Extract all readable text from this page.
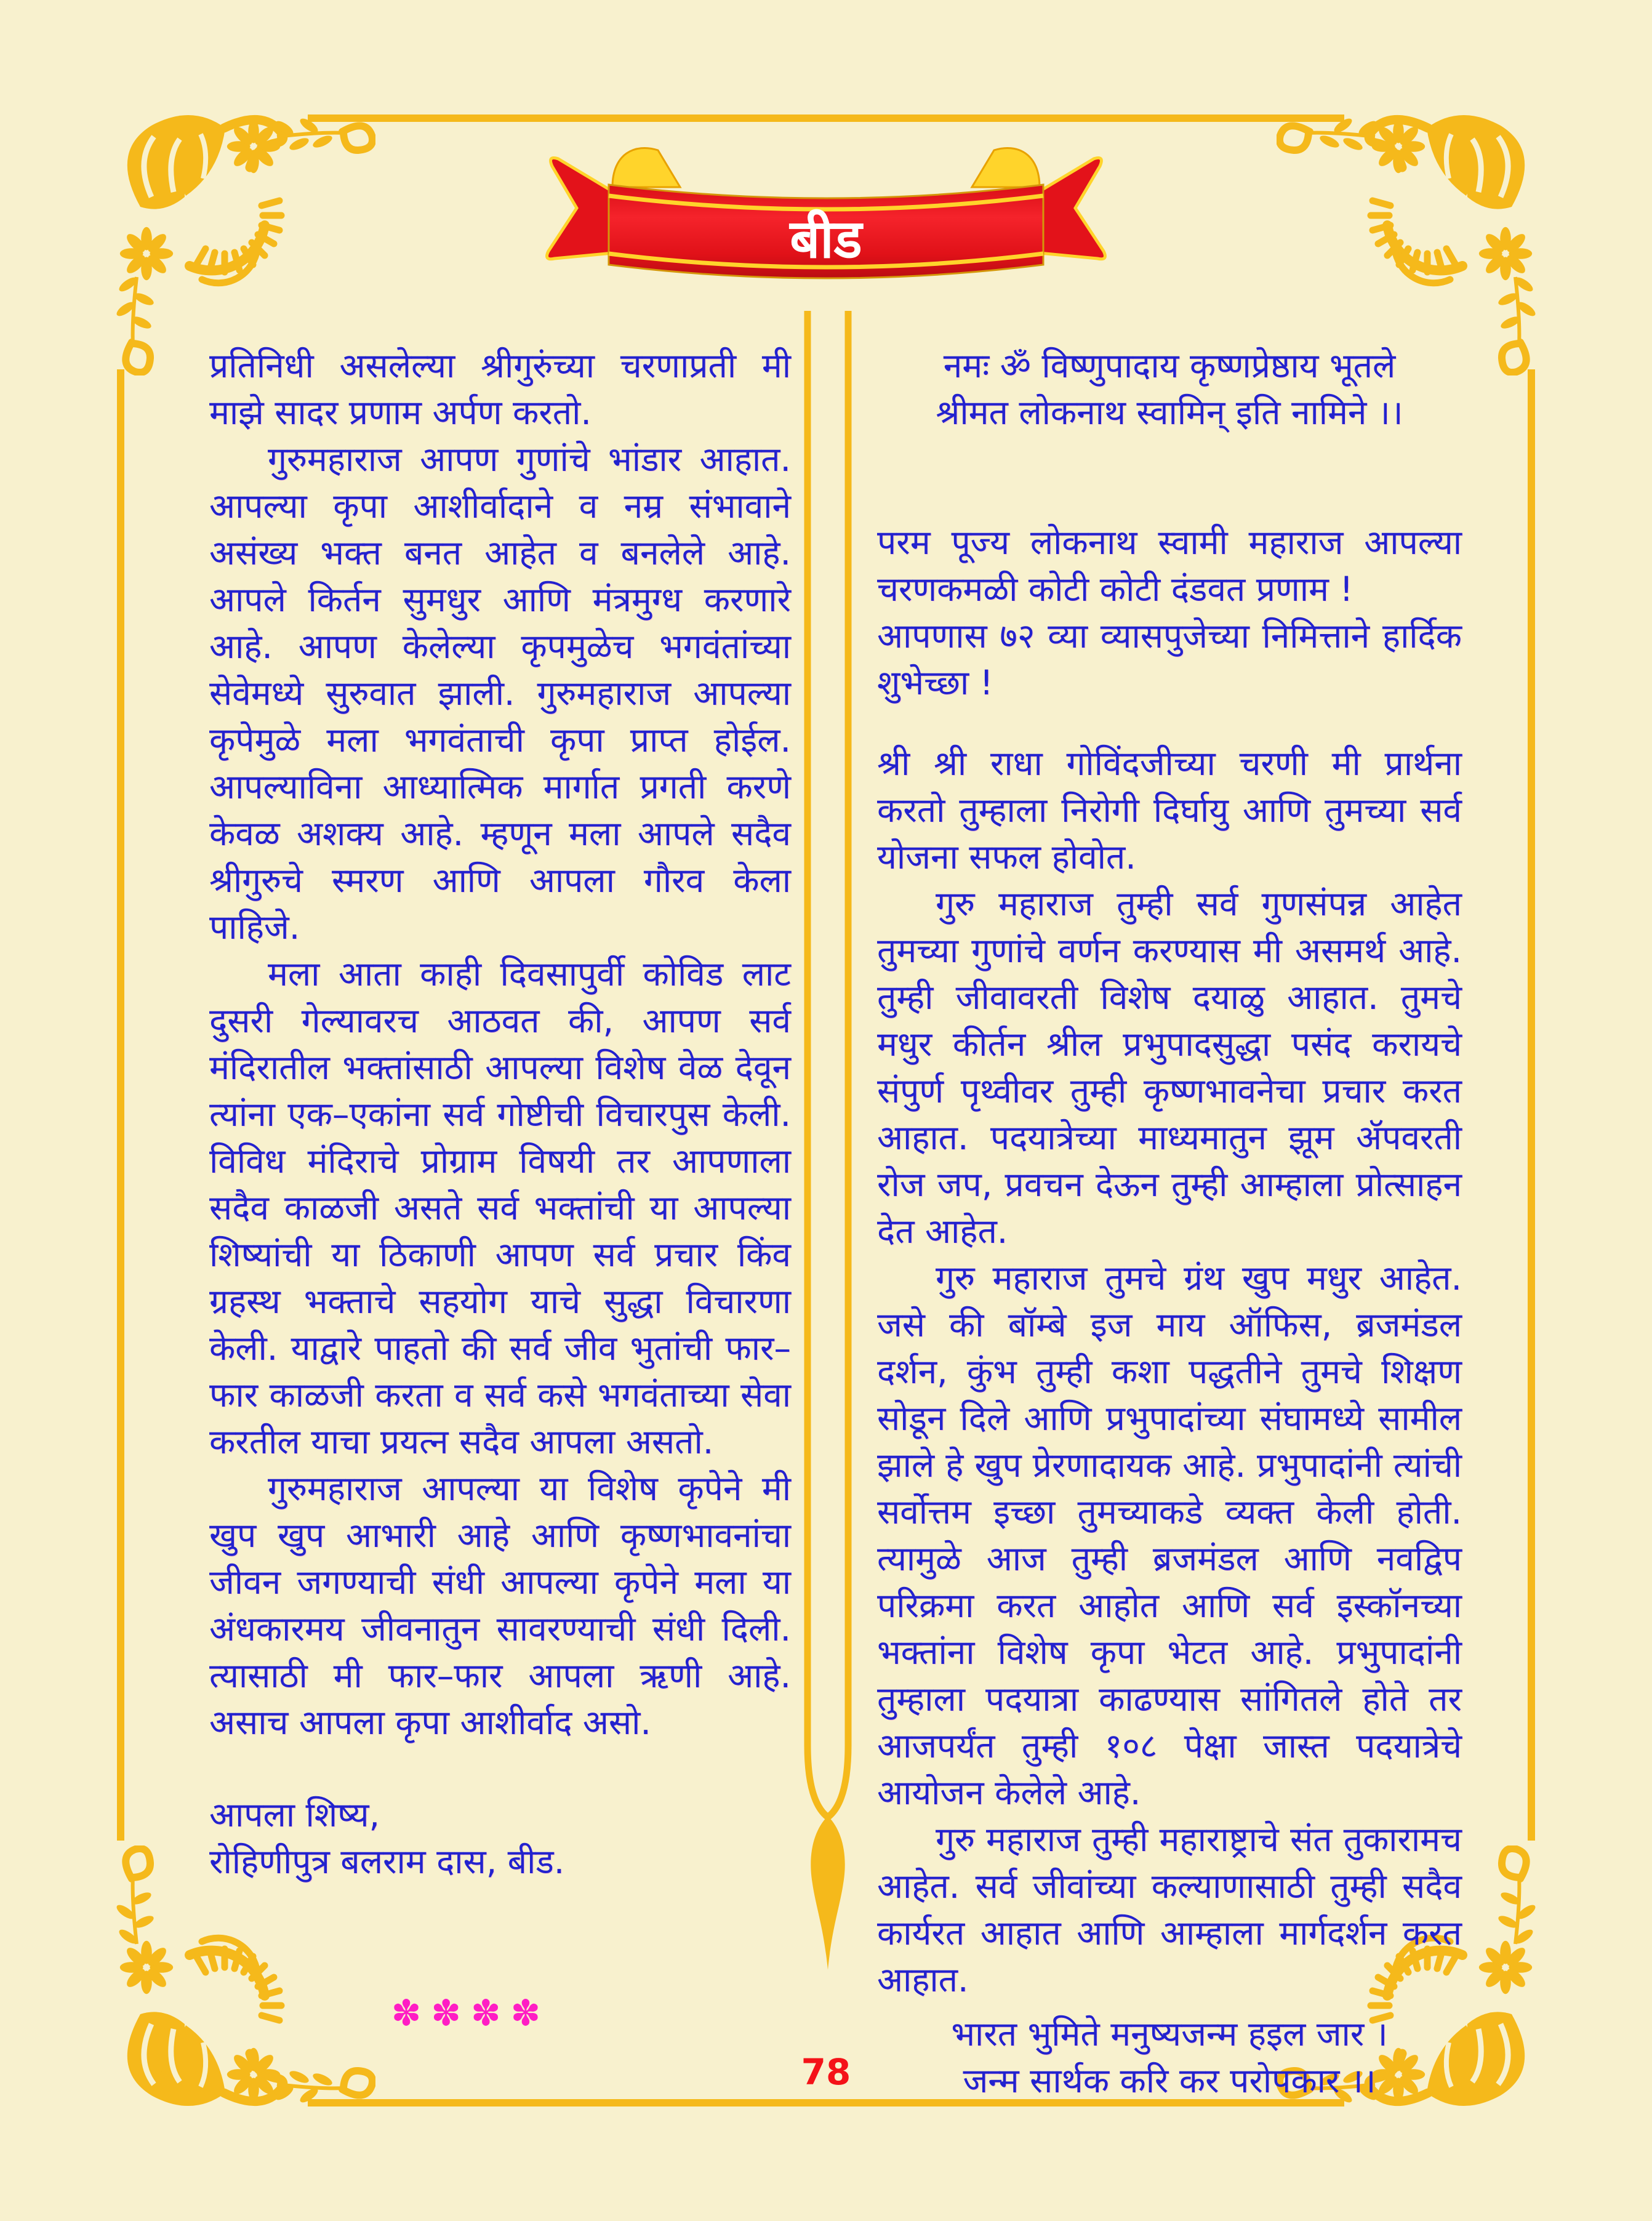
बीड

प्रतिनिधी असलेल्या श्रीगुरुंच्या चरणाप्रती मी माझे सादर प्रणाम अर्पण करतो.

गुरुमहाराज आपण गुणांचे भांडार आहात. आपल्या कृपा आशीर्वादाने व नम्र संभावाने असंख्य भक्त बनत आहेत व बनलेले आहे. आपले किर्तन सुमधुर आणि मंत्रमुग्ध करणारे आहे. आपण केलेल्या कृपमुळेच भगवंतांच्या सेवेमध्ये सुरुवात झाली. गुरुमहाराज आपल्या कृपेमुळे मला भगवंताची कृपा प्राप्त होईल. आपल्याविना आध्यात्मिक मार्गात प्रगती करणे केवळ अशक्य आहे. म्हणून मला आपले सदैव श्रीगुरुचे स्मरण आणि आपला गौरव केला पाहिजे.

मला आता काही दिवसापुर्वी कोविड लाट दुसरी गेल्यावरच आठवत की, आपण सर्व मंदिरातील भक्तांसाठी आपल्या विशेष वेळ देवून त्यांना एक–एकांना सर्व गोष्टीची विचारपुस केली. विविध मंदिराचे प्रोग्राम विषयी तर आपणाला सदैव काळजी असते सर्व भक्तांची या आपल्या शिष्यांची या ठिकाणी आपण सर्व प्रचार किंव ग्रहस्थ भक्ताचे सहयोग याचे सुद्धा विचारणा केली. याद्वारे पाहतो की सर्व जीव भुतांची फार–फार काळजी करता व सर्व कसे भगवंताच्या सेवा करतील याचा प्रयत्न सदैव आपला असतो.

गुरुमहाराज आपल्या या विशेष कृपेने मी खुप खुप आभारी आहे आणि कृष्णभावनांचा जीवन जगण्याची संधी आपल्या कृपेने मला या अंधकारमय जीवनातुन सावरण्याची संधी दिली. त्यासाठी मी फार–फार आपला ऋणी आहे. असाच आपला कृपा आशीर्वाद असो.

आपला शिष्य,
रोहिणीपुत्र बलराम दास, बीड.
✽✽✽✽
नमः ॐ विष्णुपादाय कृष्णप्रेष्ठाय भूतले
श्रीमत लोकनाथ स्वामिन् इति नामिने ।।

परम पूज्य लोकनाथ स्वामी महाराज आपल्या चरणकमळी कोटी कोटी दंडवत प्रणाम !

आपणास ७२ व्या व्यासपुजेच्या निमित्ताने हार्दिक शुभेच्छा !

श्री श्री राधा गोविंदजीच्या चरणी मी प्रार्थना करतो तुम्हाला निरोगी दिर्घायु आणि तुमच्या सर्व योजना सफल होवोत.

गुरु महाराज तुम्ही सर्व गुणसंपन्न आहेत तुमच्या गुणांचे वर्णन करण्यास मी असमर्थ आहे. तुम्ही जीवावरती विशेष दयाळु आहात. तुमचे मधुर कीर्तन श्रील प्रभुपादसुद्धा पसंद करायचे संपुर्ण पृथ्वीवर तुम्ही कृष्णभावनेचा प्रचार करत आहात. पदयात्रेच्या माध्यमातुन झूम ॲपवरती रोज जप, प्रवचन देऊन तुम्ही आम्हाला प्रोत्साहन देत आहेत.

गुरु महाराज तुमचे ग्रंथ खुप मधुर आहेत. जसे की बॉम्बे इज माय ऑफिस, ब्रजमंडल दर्शन, कुंभ तुम्ही कशा पद्धतीने तुमचे शिक्षण सोडून दिले आणि प्रभुपादांच्या संघामध्ये सामील झाले हे खुप प्रेरणादायक आहे. प्रभुपादांनी त्यांची सर्वोत्तम इच्छा तुमच्याकडे व्यक्त केली होती. त्यामुळे आज तुम्ही ब्रजमंडल आणि नवद्विप परिक्रमा करत आहोत आणि सर्व इस्कॉनच्या भक्तांना विशेष कृपा भेटत आहे. प्रभुपादांनी तुम्हाला पदयात्रा काढण्यास सांगितले होते तर आजपर्यंत तुम्ही १०८ पेक्षा जास्त पदयात्रेचे आयोजन केलेले आहे.

गुरु महाराज तुम्ही महाराष्ट्राचे संत तुकारामच आहेत. सर्व जीवांच्या कल्याणासाठी तुम्ही सदैव कार्यरत आहात आणि आम्हाला मार्गदर्शन करत आहात.

भारत भुमिते मनुष्यजन्म हइल जार ।
जन्म सार्थक करि कर परोपकार ।।
78
